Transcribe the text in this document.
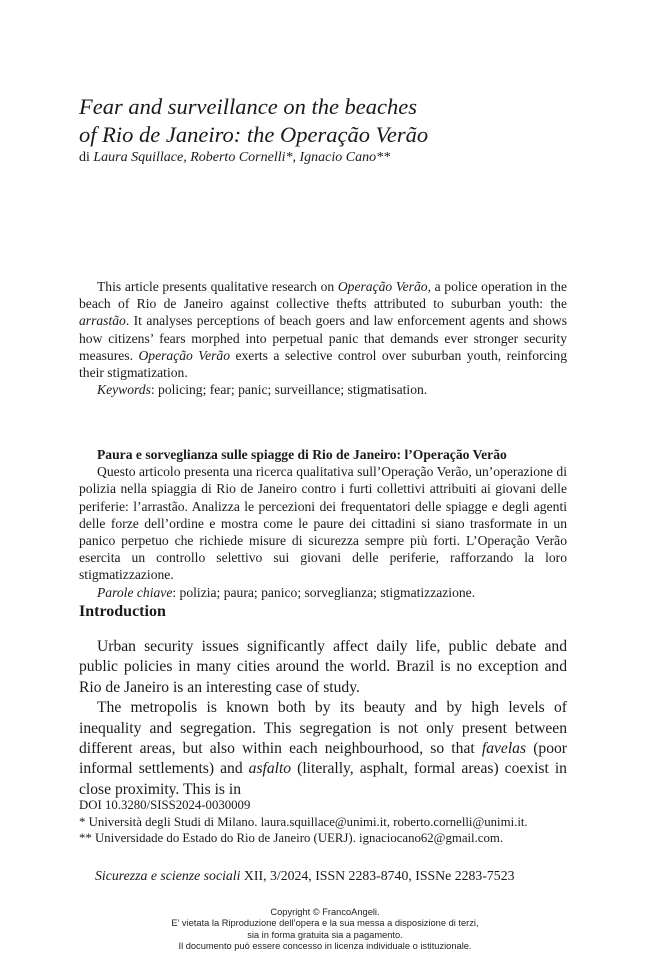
Fear and surveillance on the beaches
of Rio de Janeiro: the Operação Verão
di Laura Squillace, Roberto Cornelli*, Ignacio Cano**

This article presents qualitative research on Operação Verão, a police operation in the beach of Rio de Janeiro against collective thefts attributed to suburban youth: the arrastão. It analyses perceptions of beach goers and law enforcement agents and shows how citizens’ fears morphed into perpetual panic that demands ever stronger security measures. Operação Verão exerts a selective control over suburban youth, reinforcing their stigmatization.

Keywords: policing; fear; panic; surveillance; stigmatisation.

Paura e sorveglianza sulle spiagge di Rio de Janeiro: l’Operação Verão

Questo articolo presenta una ricerca qualitativa sull’Operação Verão, un’operazione di polizia nella spiaggia di Rio de Janeiro contro i furti collettivi attribuiti ai giovani delle periferie: l’arrastão. Analizza le percezioni dei frequentatori delle spiagge e degli agenti delle forze dell’ordine e mostra come le paure dei cittadini si siano trasformate in un panico perpetuo che richiede misure di sicurezza sempre più forti. L’Operação Verão esercita un controllo selettivo sui giovani delle periferie, rafforzando la loro stigmatizzazione.

Parole chiave: polizia; paura; panico; sorveglianza; stigmatizzazione.

Introduction

Urban security issues significantly affect daily life, public debate and public policies in many cities around the world. Brazil is no exception and Rio de Janeiro is an interesting case of study.

The metropolis is known both by its beauty and by high levels of inequality and segregation. This segregation is not only present between different areas, but also within each neighbourhood, so that favelas (poor informal settlements) and asfalto (literally, asphalt, formal areas) coexist in close proximity. This is in

DOI 10.3280/SISS2024-0030009
* Università degli Studi di Milano. laura.squillace@unimi.it, roberto.cornelli@unimi.it.
** Universidade do Estado do Rio de Janeiro (UERJ). ignaciocano62@gmail.com.
Sicurezza e scienze sociali XII, 3/2024, ISSN 2283-8740, ISSNe 2283-7523
Copyright © FrancoAngeli.
E’ vietata la Riproduzione dell’opera e la sua messa a disposizione di terzi,
sia in forma gratuita sia a pagamento.
Il documento può essere concesso in licenza individuale o istituzionale.
